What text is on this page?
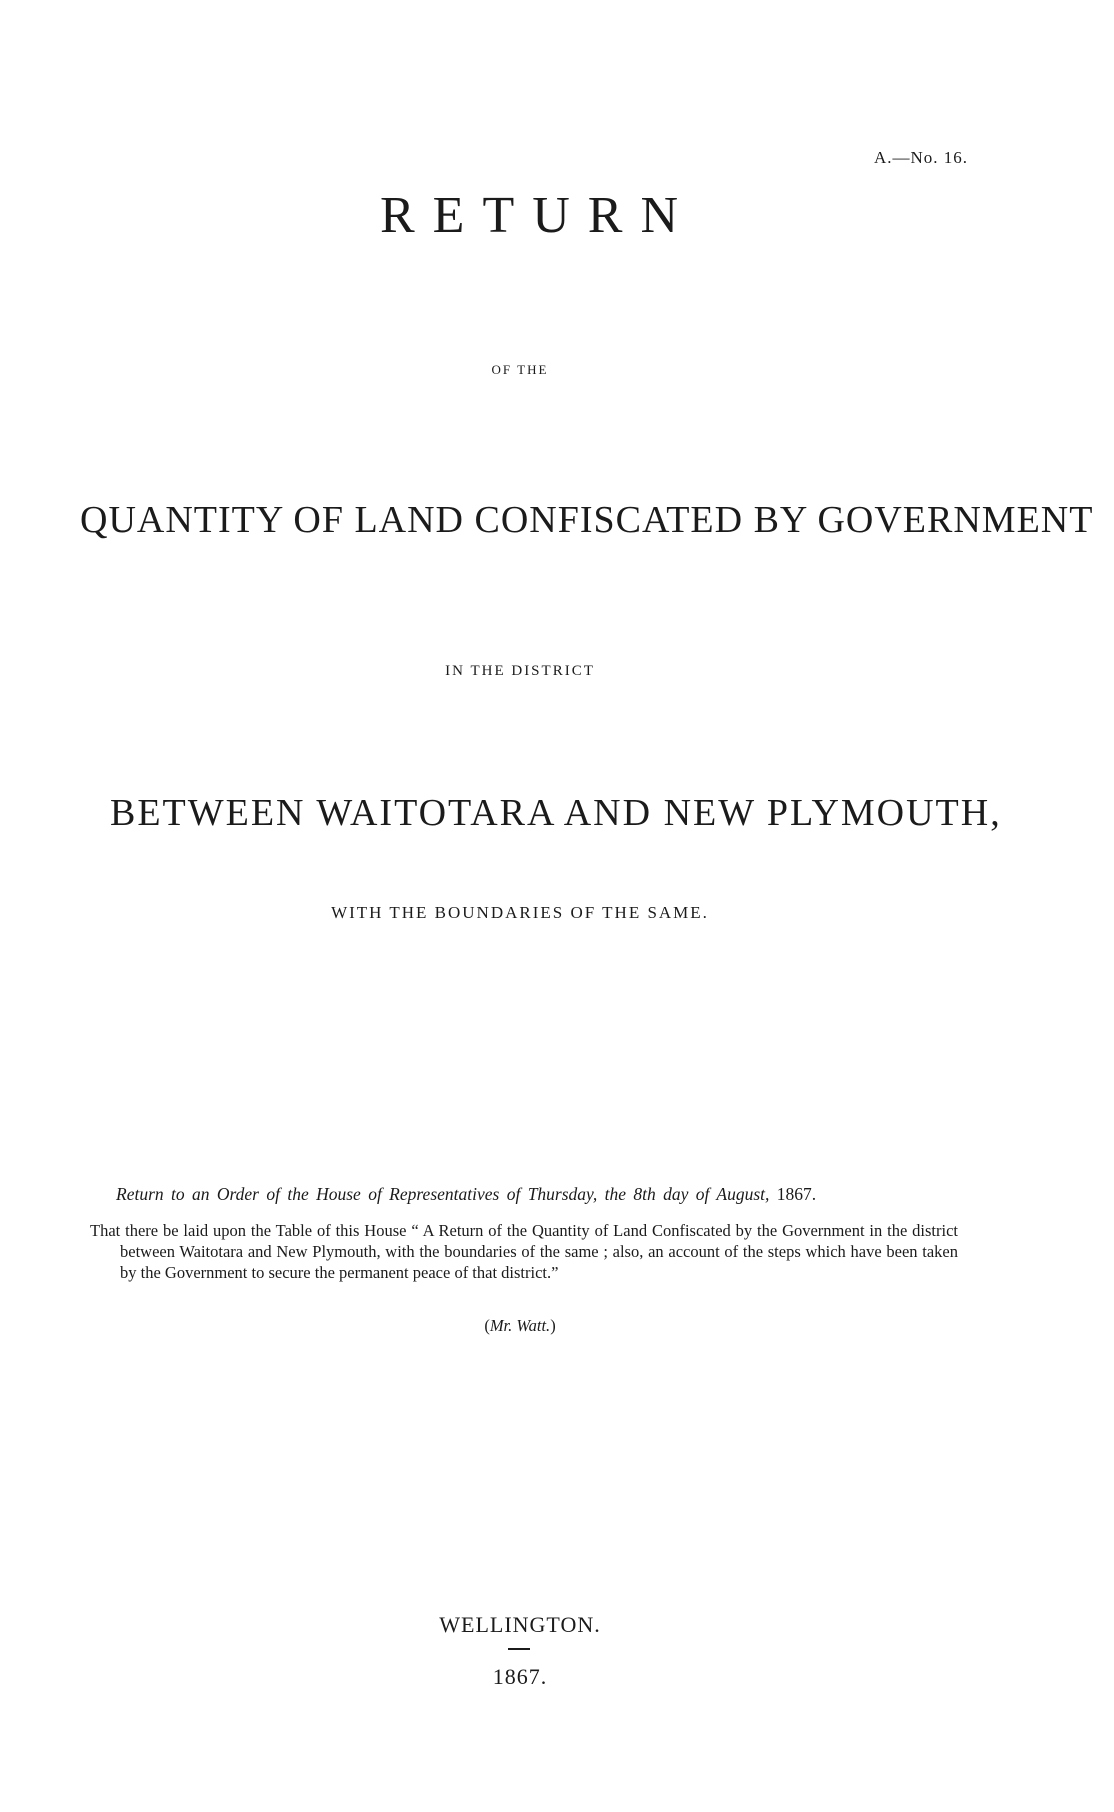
A.—No. 16.
RETURN
OF THE
QUANTITY OF LAND CONFISCATED BY GOVERNMENT
IN THE DISTRICT
BETWEEN WAITOTARA AND NEW PLYMOUTH,
WITH THE BOUNDARIES OF THE SAME.
Return to an Order of the House of Representatives of Thursday, the 8th day of August, 1867.

That there be laid upon the Table of this House “ A Return of the Quantity of Land Confiscated by the Government in the district between Waitotara and New Plymouth, with the boundaries of the same ; also, an account of the steps which have been taken by the Government to secure the permanent peace of that district.”

(Mr. Watt.)
WELLINGTON.
1867.
